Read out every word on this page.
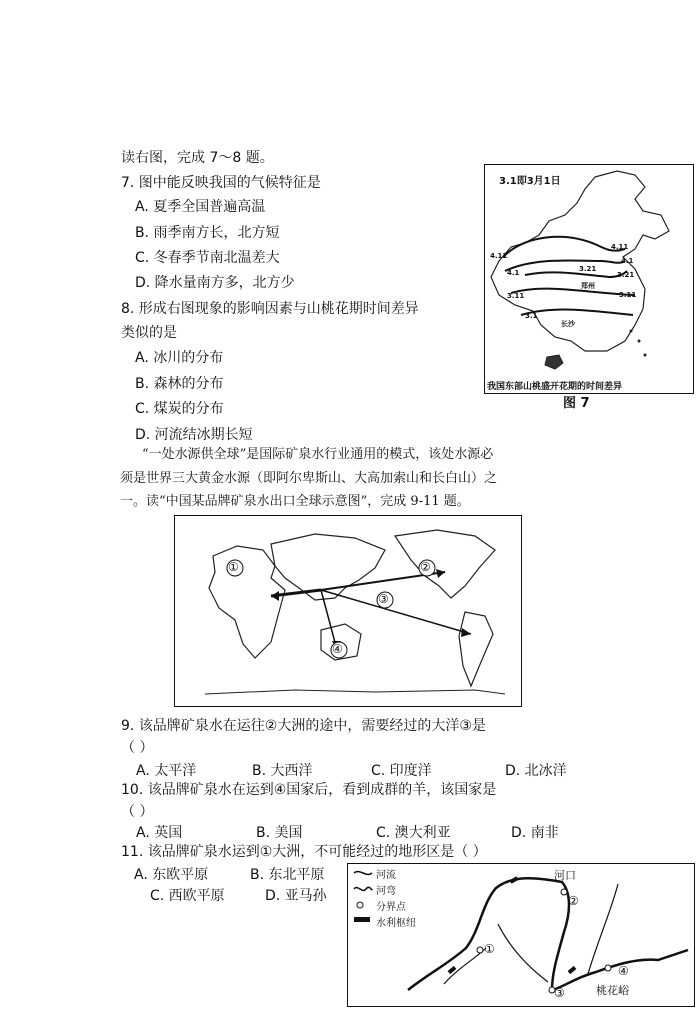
读右图，完成 7～8 题。
7. 图中能反映我国的气候特征是
A. 夏季全国普遍高温
B. 雨季南方长，北方短
C. 冬春季节南北温差大
D. 降水量南方多，北方少
8. 形成右图现象的影响因素与山桃花期时间差异
类似的是
A. 冰川的分布
B. 森林的分布
C. 煤炭的分布
D. 河流结冰期长短
3.1即3月1日
4.11
4.11
4.1
4.1
3.21
3.21
3.11	3.11
3.1
郑州
长沙
我国东部山桃盛开花期的时间差异
图 7
“一处水源供全球”是国际矿泉水行业通用的模式，该处水源必
须是世界三大黄金水源（即阿尔卑斯山、大高加索山和长白山）之
一。读“中国某品牌矿泉水出口全球示意图”，完成 9-11 题。
①	②
③
④
9. 该品牌矿泉水在运往②大洲的途中，需要经过的大洋③是
（ ）
A. 太平洋	B. 大西洋	C. 印度洋	D. 北冰洋
10. 该品牌矿泉水在运到④国家后，看到成群的羊，该国家是
（ ）
A. 英国	B. 美国	C. 澳大利亚	D. 南非
11. 该品牌矿泉水运到①大洲，不可能经过的地形区是（ ）
A. 东欧平原	B. 东北平原
C. 西欧平原	D. 亚马孙
河流
河弯
分界点
水利枢纽
河口
桃花峪
①
②
③
④
